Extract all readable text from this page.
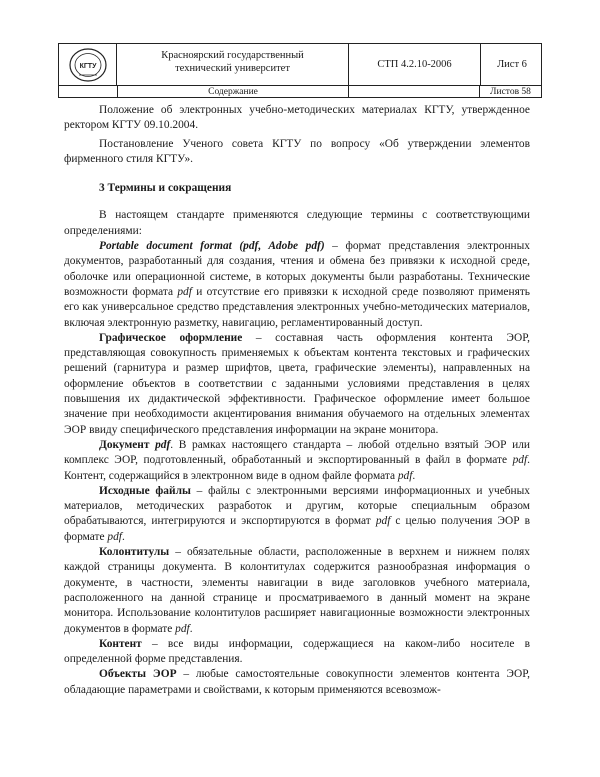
КГТУ
Красноярский государственный
технический университет	СТП 4.2.10-2006	Лист 6
Содержание	Листов 58

Положение об электронных учебно-методических материалах КГТУ, утвержденное ректором КГТУ 09.10.2004.

Постановление Ученого совета КГТУ по вопросу «Об утверждении элементов фирменного стиля КГТУ».

3 Термины и сокращения

В настоящем стандарте применяются следующие термины с соответствующими определениями:

Portable document format (pdf, Adobe pdf) – формат представления электронных документов, разработанный для создания, чтения и обмена без привязки к исходной среде, оболочке или операционной системе, в которых документы были разработаны. Технические возможности формата pdf и отсутствие его привязки к исходной среде позволяют применять его как универсальное средство представления электронных учебно-методических материалов, включая электронную разметку, навигацию, регламентированный доступ.

Графическое оформление – составная часть оформления контента ЭОР, представляющая совокупность применяемых к объектам контента текстовых и графических решений (гарнитура и размер шрифтов, цвета, графические элементы), направленных на оформление объектов в соответствии с заданными условиями представления в целях повышения их дидактической эффективности. Графическое оформление имеет большое значение при необходимости акцентирования внимания обучаемого на отдельных элементах ЭОР ввиду специфического представления информации на экране монитора.

Документ pdf. В рамках настоящего стандарта – любой отдельно взятый ЭОР или комплекс ЭОР, подготовленный, обработанный и экспортированный в файл в формате pdf. Контент, содержащийся в электронном виде в одном файле формата pdf.

Исходные файлы – файлы с электронными версиями информационных и учебных материалов, методических разработок и другим, которые специальным образом обрабатываются, интегрируются и экспортируются в формат pdf с целью получения ЭОР в формате pdf.

Колонтитулы – обязательные области, расположенные в верхнем и нижнем полях каждой страницы документа. В колонтитулах содержится разнообразная информация о документе, в частности, элементы навигации в виде заголовков учебного материала, расположенного на данной странице и просматриваемого в данный момент на экране монитора. Использование колонтитулов расширяет навигационные возможности электронных документов в формате pdf.

Контент – все виды информации, содержащиеся на каком-либо носителе в определенной форме представления.

Объекты ЭОР – любые самостоятельные совокупности элементов контента ЭОР, обладающие параметрами и свойствами, к которым применяются всевозмож-
